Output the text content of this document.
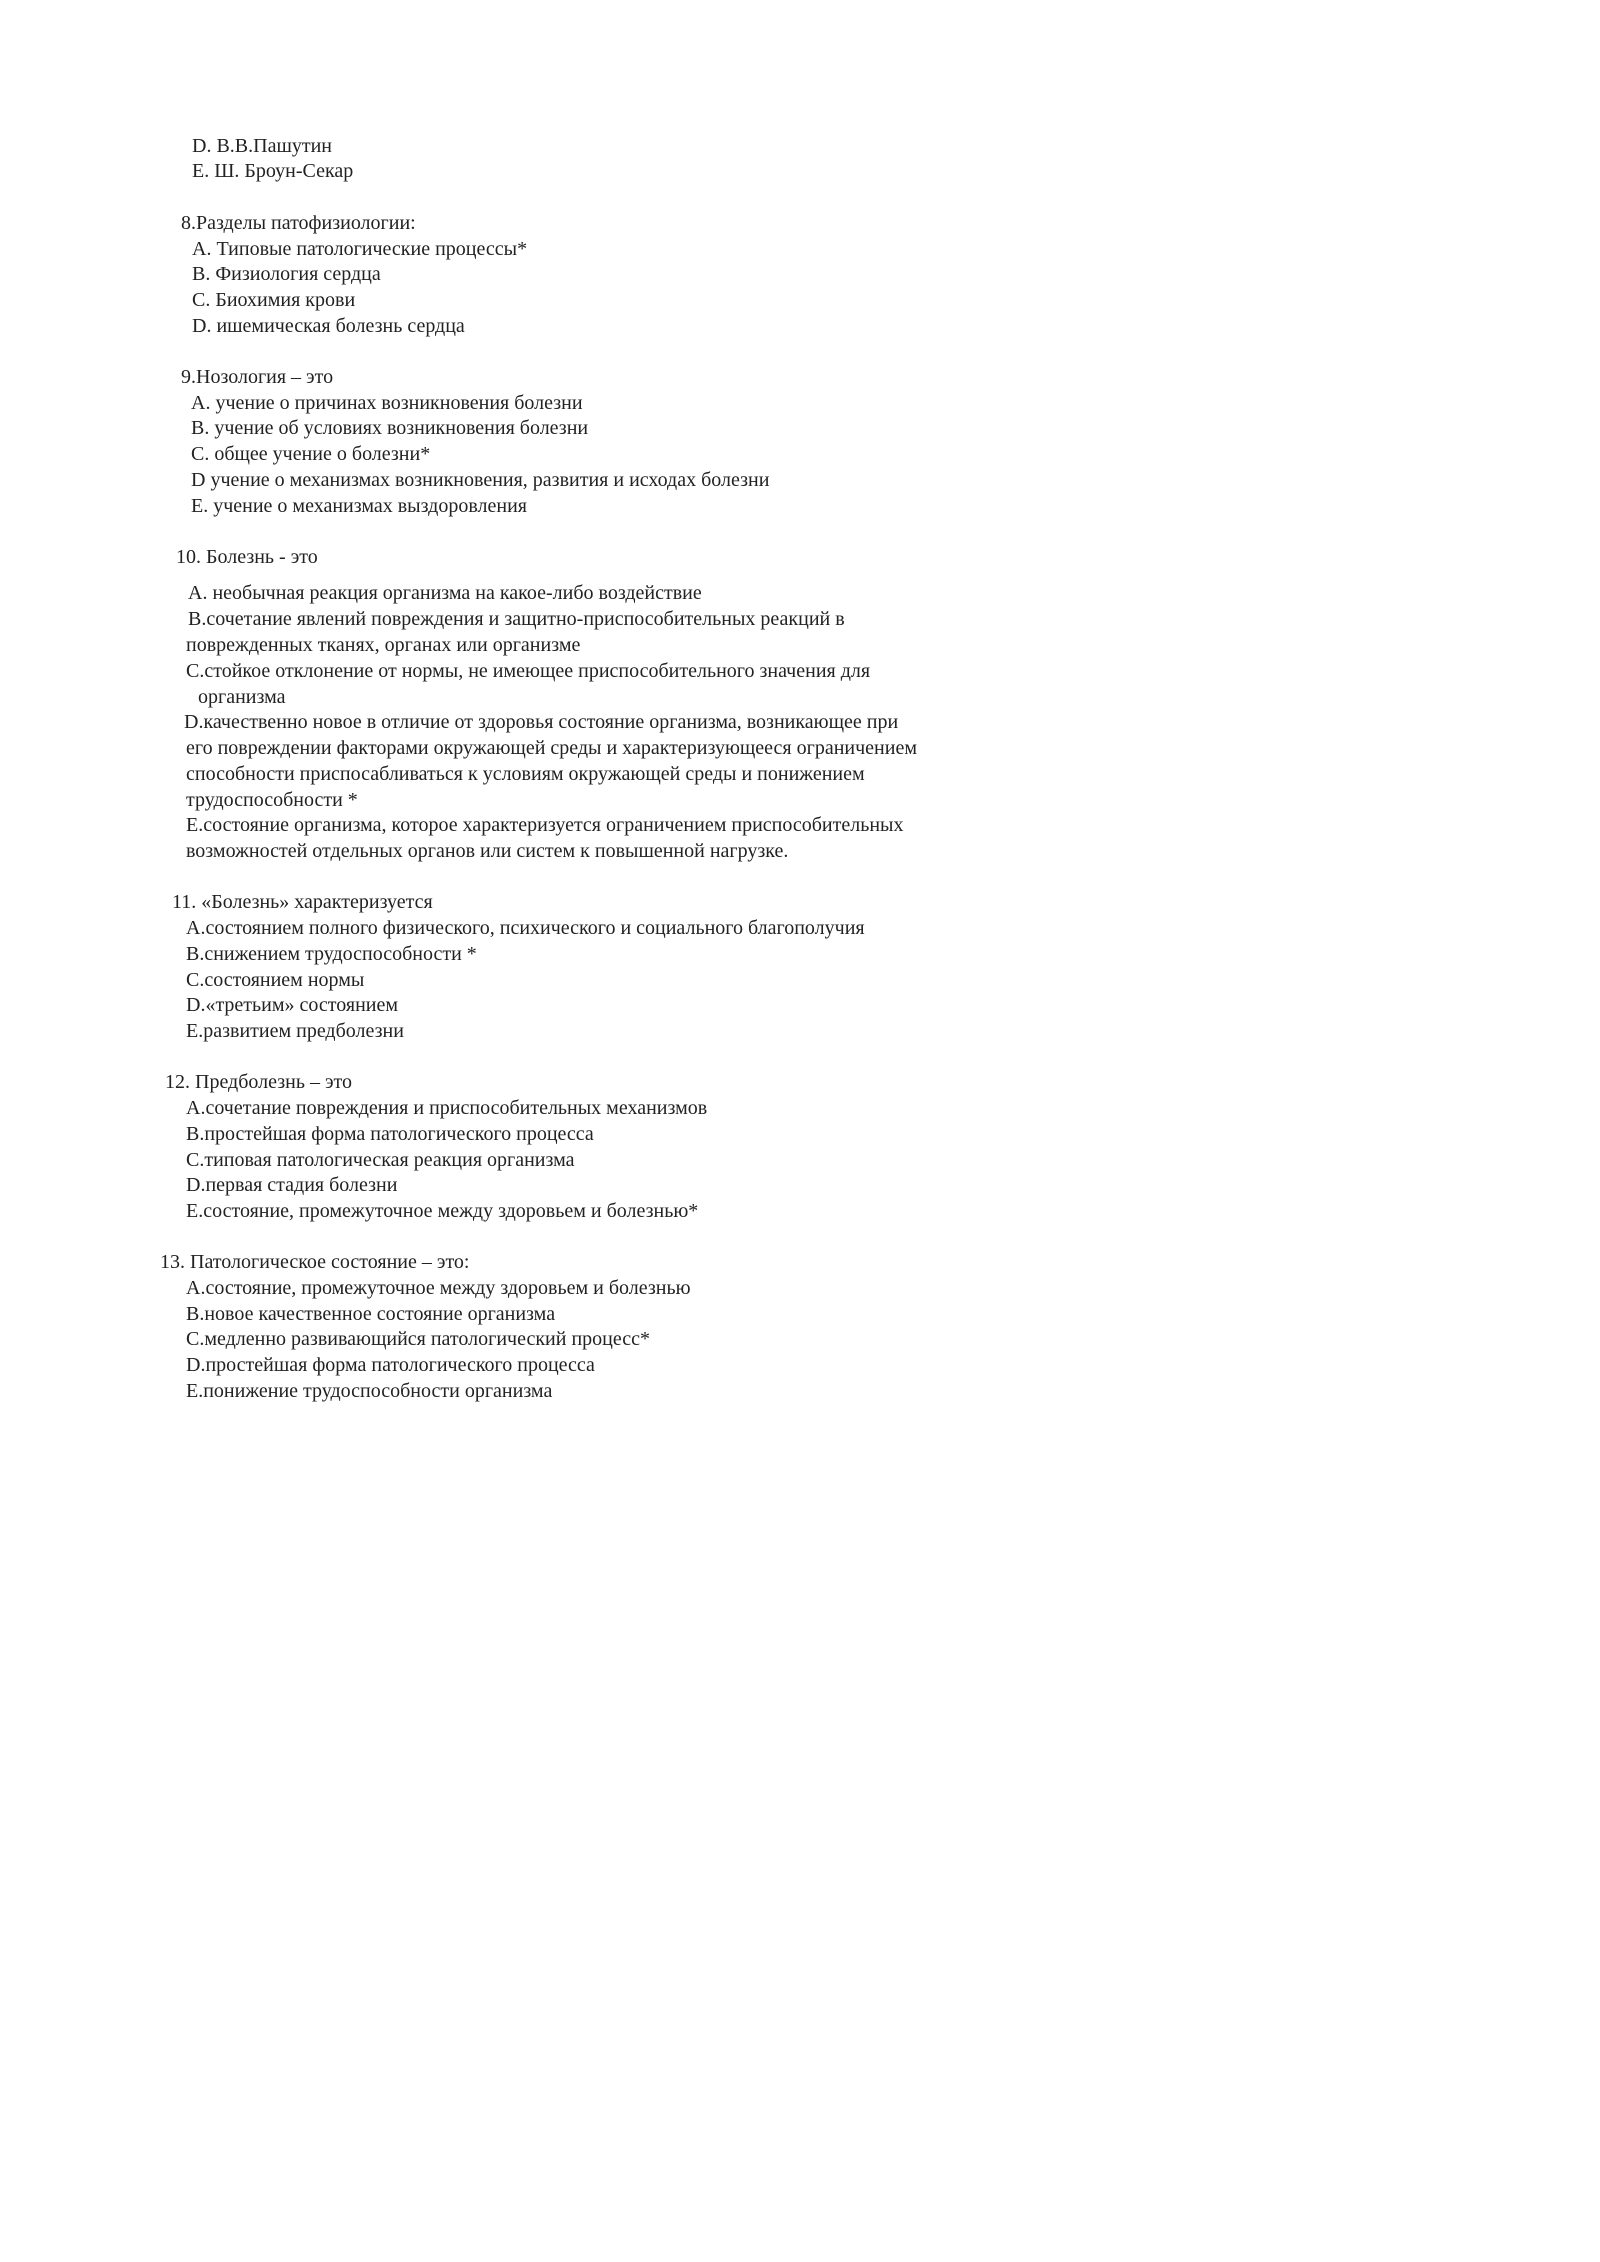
D. В.В.Пашутин
E. Ш. Броун-Секар
8.Разделы патофизиологии:
A. Типовые патологические процессы*
B. Физиология сердца
C. Биохимия крови
D. ишемическая болезнь сердца
9.Нозология – это
A. учение о причинах возникновения болезни
B. учение об условиях возникновения болезни
C. общее учение о болезни*
D учение о механизмах возникновения, развития и исходах болезни
E. учение о механизмах выздоровления
10. Болезнь - это
A. необычная реакция организма на какое-либо воздействие
B.сочетание явлений повреждения и защитно-приспособительных реакций в
поврежденных тканях, органах или организме
C.стойкое отклонение от нормы, не имеющее приспособительного значения для
организма
D.качественно новое в отличие от здоровья состояние организма, возникающее при
его повреждении факторами окружающей среды и характеризующееся ограничением
способности приспосабливаться к условиям окружающей среды и понижением
трудоспособности *
E.состояние организма, которое характеризуется ограничением приспособительных
возможностей отдельных органов или систем к повышенной нагрузке.
11. «Болезнь» характеризуется
A.состоянием полного физического, психического и социального благополучия
B.снижением трудоспособности *
C.состоянием нормы
D.«третьим» состоянием
E.развитием предболезни
12. Предболезнь – это
A.сочетание повреждения и приспособительных механизмов
B.простейшая форма патологического процесса
C.типовая патологическая реакция организма
D.первая стадия болезни
E.состояние, промежуточное между здоровьем и болезнью*
13. Патологическое состояние – это:
A.состояние, промежуточное между здоровьем и болезнью
B.новое качественное состояние организма
C.медленно развивающийся патологический процесс*
D.простейшая форма патологического процесса
E.понижение трудоспособности организма
